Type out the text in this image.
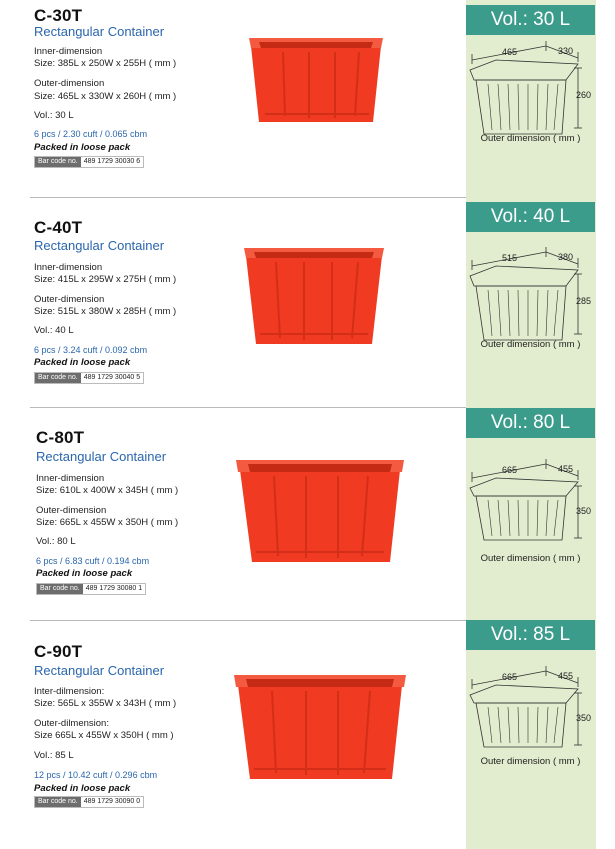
C-30T
Rectangular Container
Inner-dimension
Size: 385L x 250W x 255H ( mm )
Outer-dimension
Size: 465L x 330W x 260H ( mm )
Vol.: 30 L
6 pcs / 2.30 cuft / 0.065 cbm
Packed in loose pack
Bar code no. 489 1729 30030 6
Vol.: 30 L
465	330
260
Outer dimension ( mm )
C-40T
Rectangular Container
Inner-dimension
Size: 415L x 295W x 275H ( mm )
Outer-dimension
Size: 515L x 380W x 285H ( mm )
Vol.: 40 L
6 pcs / 3.24 cuft / 0.092 cbm
Packed in loose pack
Bar code no. 489 1729 30040 5
Vol.: 40 L
515	380
285
Outer dimension ( mm )
C-80T
Rectangular Container
Inner-dimension
Size: 610L x 400W x 345H ( mm )
Outer-dimension
Size: 665L x 455W x 350H ( mm )
Vol.: 80 L
6 pcs / 6.83 cuft / 0.194 cbm
Packed in loose pack
Bar code no. 489 1729 30080 1
Vol.: 80 L
665	455
350
Outer dimension ( mm )
C-90T
Rectangular Container
Inter-dilmension:
Size: 565L x 355W x 343H ( mm )
Outer-dilmension:
Size 665L x 455W x 350H ( mm )
Vol.: 85 L
12 pcs / 10.42 cuft / 0.296 cbm
Packed in loose pack
Bar code no. 489 1729 30090 0
Vol.: 85 L
665	455
350
Outer dimension ( mm )
